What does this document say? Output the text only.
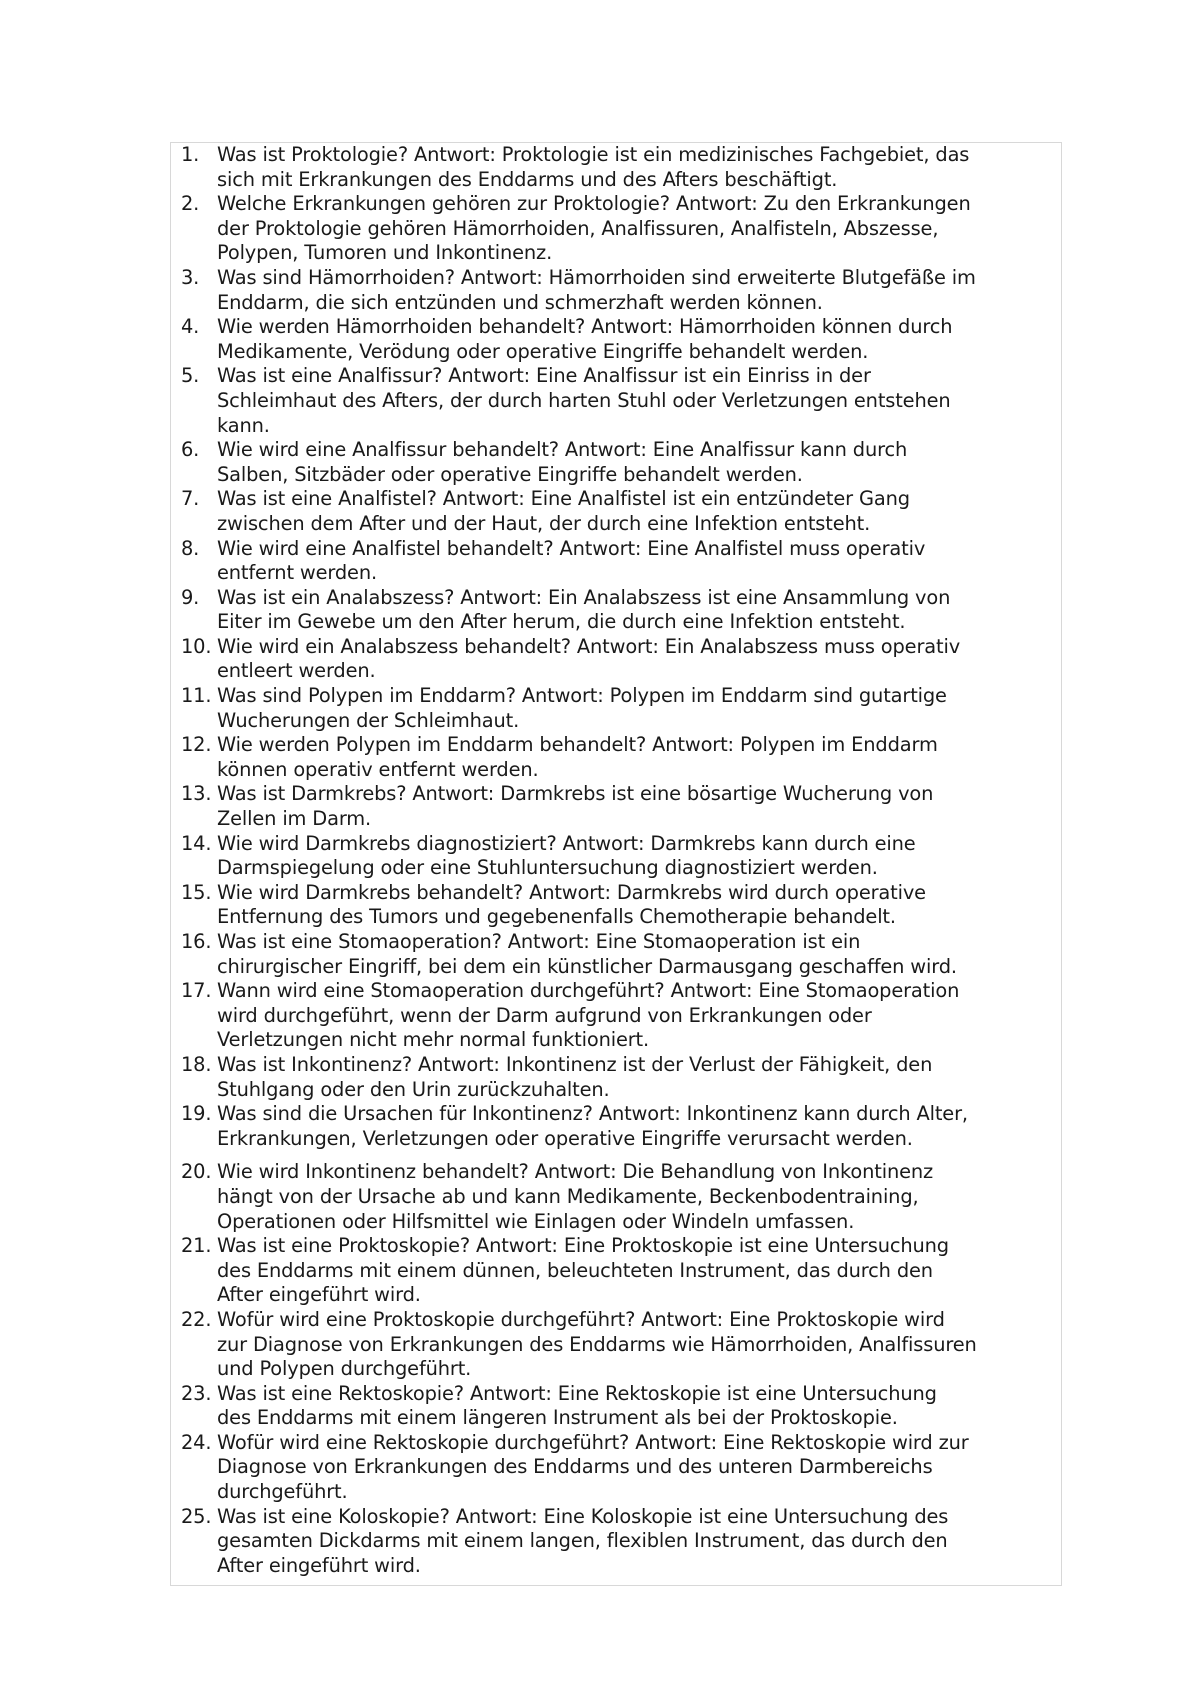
1. Was ist Proktologie? Antwort: Proktologie ist ein medizinisches Fachgebiet, das
sich mit Erkrankungen des Enddarms und des Afters beschäftigt.
2. Welche Erkrankungen gehören zur Proktologie? Antwort: Zu den Erkrankungen
der Proktologie gehören Hämorrhoiden, Analfissuren, Analfisteln, Abszesse,
Polypen, Tumoren und Inkontinenz.
3. Was sind Hämorrhoiden? Antwort: Hämorrhoiden sind erweiterte Blutgefäße im
Enddarm, die sich entzünden und schmerzhaft werden können.
4. Wie werden Hämorrhoiden behandelt? Antwort: Hämorrhoiden können durch
Medikamente, Verödung oder operative Eingriffe behandelt werden.
5. Was ist eine Analfissur? Antwort: Eine Analfissur ist ein Einriss in der
Schleimhaut des Afters, der durch harten Stuhl oder Verletzungen entstehen
kann.
6. Wie wird eine Analfissur behandelt? Antwort: Eine Analfissur kann durch
Salben, Sitzbäder oder operative Eingriffe behandelt werden.
7. Was ist eine Analfistel? Antwort: Eine Analfistel ist ein entzündeter Gang
zwischen dem After und der Haut, der durch eine Infektion entsteht.
8. Wie wird eine Analfistel behandelt? Antwort: Eine Analfistel muss operativ
entfernt werden.
9. Was ist ein Analabszess? Antwort: Ein Analabszess ist eine Ansammlung von
Eiter im Gewebe um den After herum, die durch eine Infektion entsteht.
10. Wie wird ein Analabszess behandelt? Antwort: Ein Analabszess muss operativ
entleert werden.
11. Was sind Polypen im Enddarm? Antwort: Polypen im Enddarm sind gutartige
Wucherungen der Schleimhaut.
12. Wie werden Polypen im Enddarm behandelt? Antwort: Polypen im Enddarm
können operativ entfernt werden.
13. Was ist Darmkrebs? Antwort: Darmkrebs ist eine bösartige Wucherung von
Zellen im Darm.
14. Wie wird Darmkrebs diagnostiziert? Antwort: Darmkrebs kann durch eine
Darmspiegelung oder eine Stuhluntersuchung diagnostiziert werden.
15. Wie wird Darmkrebs behandelt? Antwort: Darmkrebs wird durch operative
Entfernung des Tumors und gegebenenfalls Chemotherapie behandelt.
16. Was ist eine Stomaoperation? Antwort: Eine Stomaoperation ist ein
chirurgischer Eingriff, bei dem ein künstlicher Darmausgang geschaffen wird.
17. Wann wird eine Stomaoperation durchgeführt? Antwort: Eine Stomaoperation
wird durchgeführt, wenn der Darm aufgrund von Erkrankungen oder
Verletzungen nicht mehr normal funktioniert.
18. Was ist Inkontinenz? Antwort: Inkontinenz ist der Verlust der Fähigkeit, den
Stuhlgang oder den Urin zurückzuhalten.
19. Was sind die Ursachen für Inkontinenz? Antwort: Inkontinenz kann durch Alter,
Erkrankungen, Verletzungen oder operative Eingriffe verursacht werden.
20. Wie wird Inkontinenz behandelt? Antwort: Die Behandlung von Inkontinenz
hängt von der Ursache ab und kann Medikamente, Beckenbodentraining,
Operationen oder Hilfsmittel wie Einlagen oder Windeln umfassen.
21. Was ist eine Proktoskopie? Antwort: Eine Proktoskopie ist eine Untersuchung
des Enddarms mit einem dünnen, beleuchteten Instrument, das durch den
After eingeführt wird.
22. Wofür wird eine Proktoskopie durchgeführt? Antwort: Eine Proktoskopie wird
zur Diagnose von Erkrankungen des Enddarms wie Hämorrhoiden, Analfissuren
und Polypen durchgeführt.
23. Was ist eine Rektoskopie? Antwort: Eine Rektoskopie ist eine Untersuchung
des Enddarms mit einem längeren Instrument als bei der Proktoskopie.
24. Wofür wird eine Rektoskopie durchgeführt? Antwort: Eine Rektoskopie wird zur
Diagnose von Erkrankungen des Enddarms und des unteren Darmbereichs
durchgeführt.
25. Was ist eine Koloskopie? Antwort: Eine Koloskopie ist eine Untersuchung des
gesamten Dickdarms mit einem langen, flexiblen Instrument, das durch den
After eingeführt wird.
